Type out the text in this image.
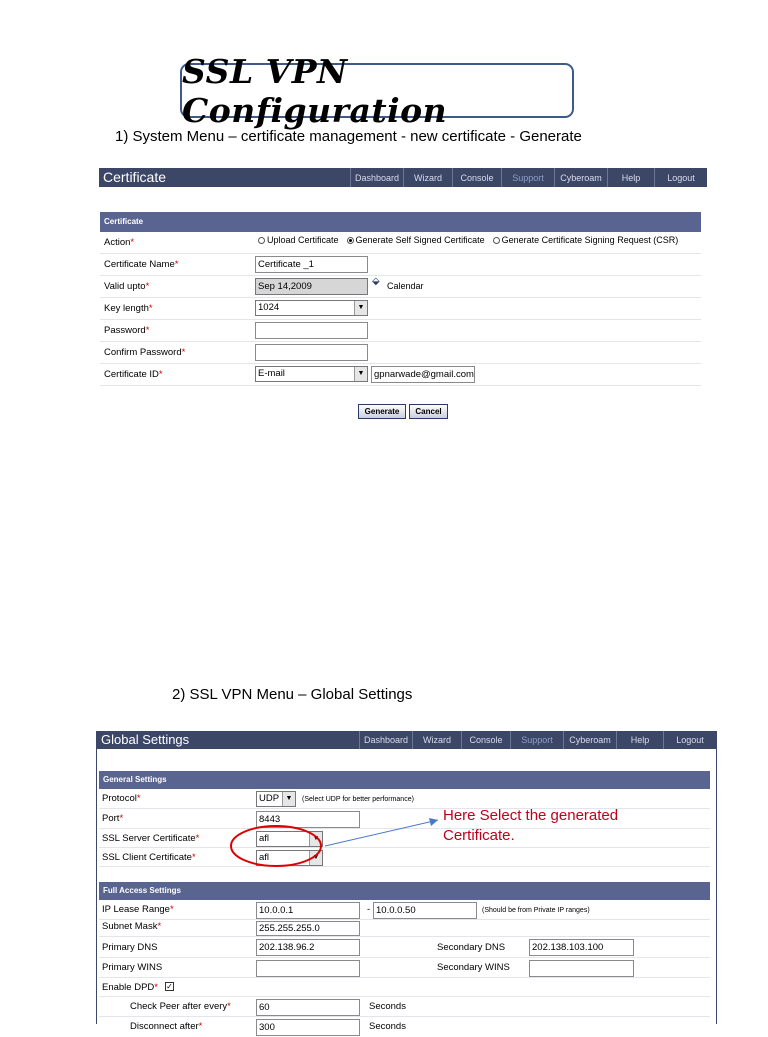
SSL VPN Configuration
1) System Menu – certificate management - new certificate - Generate
Certificate	Dashboard	Wizard	Console	Support	Cyberoam	Help	Logout
Certificate
Action*	Upload Certificate Generate Self Signed Certificate Generate Certificate Signing Request (CSR)
Certificate Name*	Certificate _1
Valid upto*	Sep 14,2009	⬙ Calendar
Key length*	1024	▼
Password*
Confirm Password*
Certificate ID*	E-mail	▼	gpnarwade@gmail.com
Generate	Cancel
2) SSL VPN Menu – Global Settings
Global Settings	Dashboard	Wizard	Console	Support	Cyberoam	Help	Logout
General Settings
Protocol*	UDP ▼	(Select UDP for better performance)
Port*	8443
SSL Server Certificate*	afl	▼
SSL Client Certificate*	afl	▼
Here Select the generated
Certificate.
Full Access Settings
IP Lease Range*	10.0.0.1	- 10.0.0.50	(Should be from Private IP ranges)
Subnet Mask*	255.255.255.0
Primary DNS	202.138.96.2	Secondary DNS	202.138.103.100
Primary WINS	Secondary WINS
Enable DPD* ✓
Check Peer after every*	60	Seconds
Disconnect after*	300	Seconds
